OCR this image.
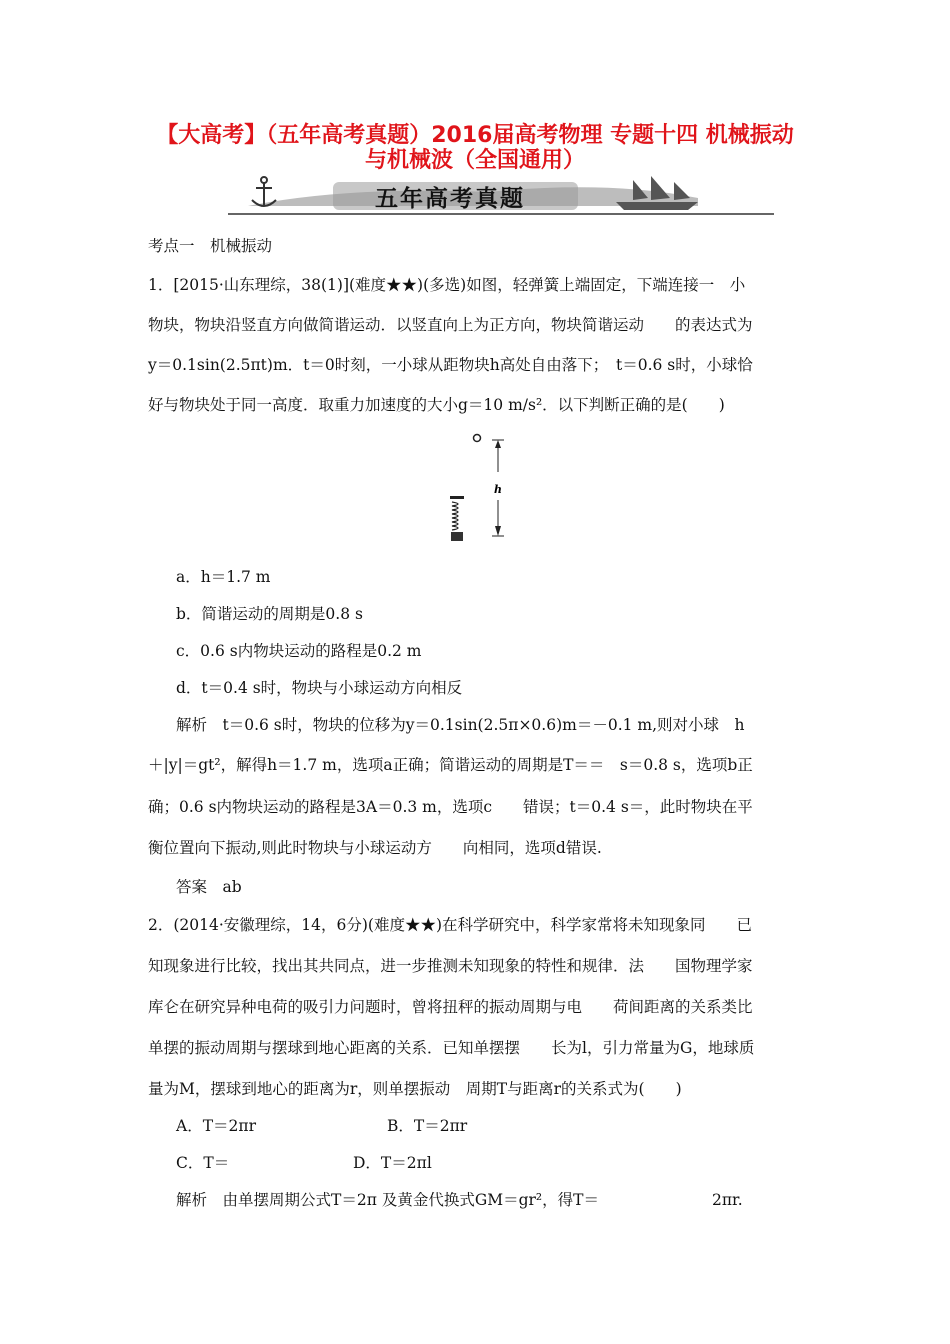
【大高考】（五年高考真题）2016届高考物理 专题十四 机械振动
与机械波（全国通用）
五年高考真题
考点一　机械振动
1．[2015·山东理综，38(1)](难度★★)(多选)如图，轻弹簧上端固定，下端连接一　小
物块，物块沿竖直方向做简谐运动．以竖直向上为正方向，物块简谐运动　　的表达式为
y＝0.1sin(2.5πt)m．t＝0时刻，一小球从距物块h高处自由落下；　t＝0.6 s时，小球恰
好与物块处于同一高度．取重力加速度的大小g＝10 m/s²．以下判断正确的是(　　)
h
a．h＝1.7 m
b．简谐运动的周期是0.8 s
c．0.6 s内物块运动的路程是0.2 m
d．t＝0.4 s时，物块与小球运动方向相反
解析　t＝0.6 s时，物块的位移为y＝0.1sin(2.5π×0.6)m＝－0.1 m,则对小球　h
＋|y|＝gt²，解得h＝1.7 m，选项a正确；简谐运动的周期是T＝＝　s＝0.8 s，选项b正
确；0.6 s内物块运动的路程是3A＝0.3 m，选项c　　错误；t＝0.4 s＝，此时物块在平
衡位置向下振动,则此时物块与小球运动方　　向相同，选项d错误.
答案　ab
2．(2014·安徽理综，14，6分)(难度★★)在科学研究中，科学家常将未知现象同　　已
知现象进行比较，找出其共同点，进一步推测未知现象的特性和规律．法　　国物理学家
库仑在研究异种电荷的吸引力问题时，曾将扭秤的振动周期与电　　荷间距离的关系类比
单摆的振动周期与摆球到地心距离的关系．已知单摆摆　　长为l，引力常量为G，地球质
量为M，摆球到地心的距离为r，则单摆振动　周期T与距离r的关系式为(　　)
A．T＝2πr	B．T＝2πr
C．T＝	D．T＝2πl
解析　由单摆周期公式T＝2π 及黄金代换式GM＝gr²，得T＝	2πr.
